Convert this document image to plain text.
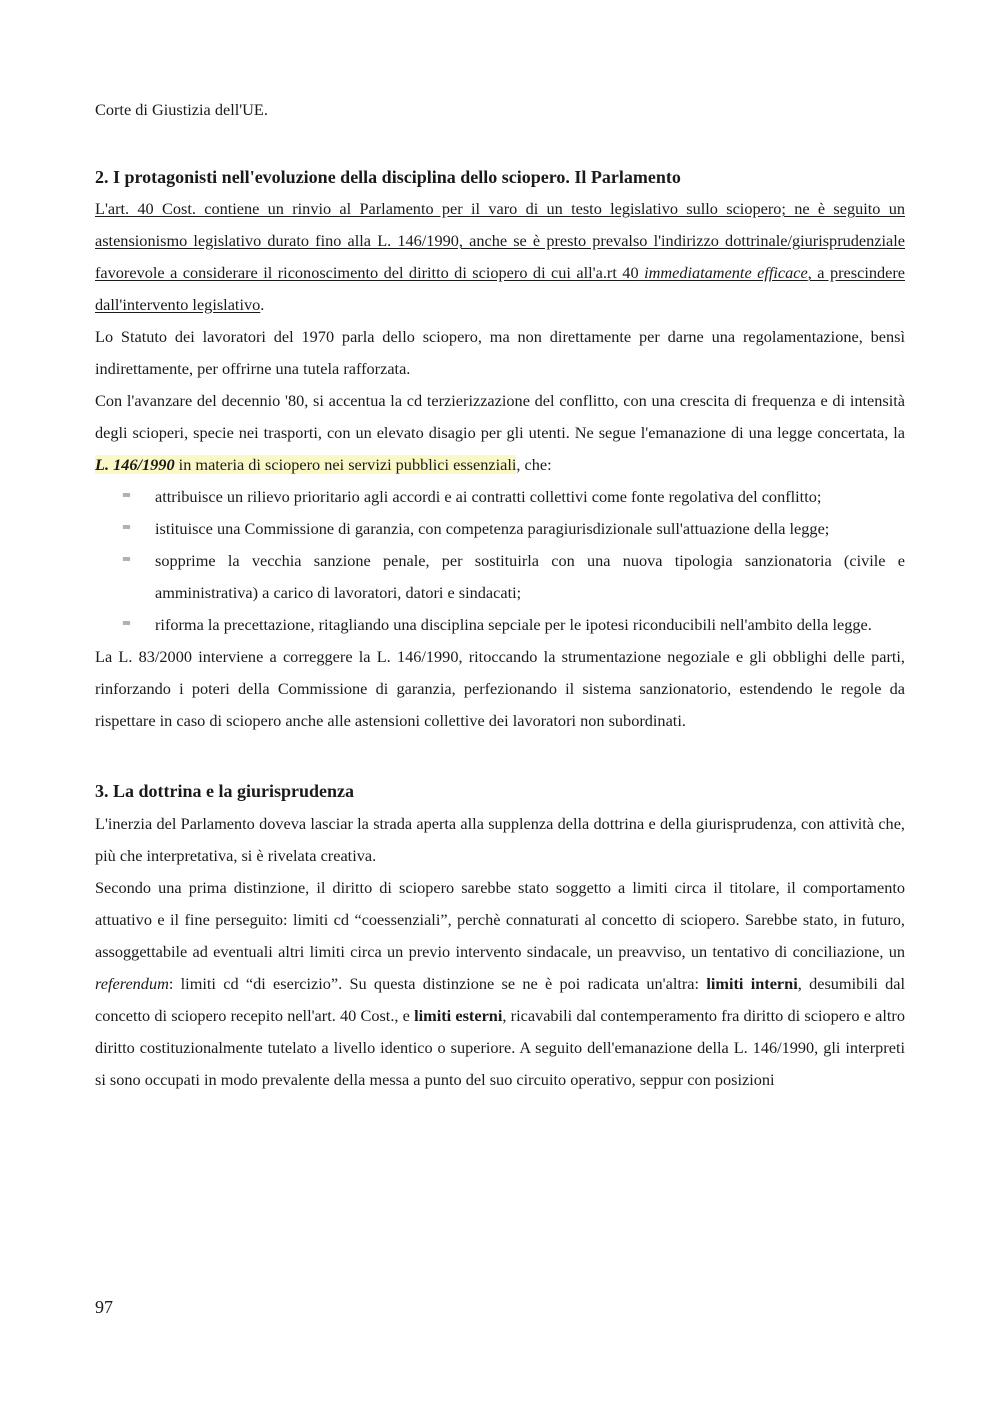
Corte di Giustizia dell'UE.

2. I protagonisti nell'evoluzione della disciplina dello sciopero. Il Parlamento

L'art. 40 Cost. contiene un rinvio al Parlamento per il varo di un testo legislativo sullo sciopero; ne è seguito un astensionismo legislativo durato fino alla L. 146/1990, anche se è presto prevalso l'indirizzo dottrinale/giurisprudenziale favorevole a considerare il riconoscimento del diritto di sciopero di cui all'a.rt 40 immediatamente efficace, a prescindere dall'intervento legislativo.

Lo Statuto dei lavoratori del 1970 parla dello sciopero, ma non direttamente per darne una regolamentazione, bensì indirettamente, per offrirne una tutela rafforzata.

Con l'avanzare del decennio '80, si accentua la cd terzierizzazione del conflitto, con una crescita di frequenza e di intensità degli scioperi, specie nei trasporti, con un elevato disagio per gli utenti. Ne segue l'emanazione di una legge concertata, la L. 146/1990 in materia di sciopero nei servizi pubblici essenziali, che:

‗ attribuisce un rilievo prioritario agli accordi e ai contratti collettivi come fonte regolativa del conflitto;

‗ istituisce una Commissione di garanzia, con competenza paragiurisdizionale sull'attuazione della legge;

‗ sopprime la vecchia sanzione penale, per sostituirla con una nuova tipologia sanzionatoria (civile e amministrativa) a carico di lavoratori, datori e sindacati;

‗ riforma la precettazione, ritagliando una disciplina sepciale per le ipotesi riconducibili nell'ambito della legge.

La L. 83/2000 interviene a correggere la L. 146/1990, ritoccando la strumentazione negoziale e gli obblighi delle parti, rinforzando i poteri della Commissione di garanzia, perfezionando il sistema sanzionatorio, estendendo le regole da rispettare in caso di sciopero anche alle astensioni collettive dei lavoratori non subordinati.

3. La dottrina e la giurisprudenza

L'inerzia del Parlamento doveva lasciar la strada aperta alla supplenza della dottrina e della giurisprudenza, con attività che, più che interpretativa, si è rivelata creativa.

Secondo una prima distinzione, il diritto di sciopero sarebbe stato soggetto a limiti circa il titolare, il comportamento attuativo e il fine perseguito: limiti cd “coessenziali”, perchè connaturati al concetto di sciopero. Sarebbe stato, in futuro, assoggettabile ad eventuali altri limiti circa un previo intervento sindacale, un preavviso, un tentativo di conciliazione, un referendum: limiti cd “di esercizio”. Su questa distinzione se ne è poi radicata un'altra: limiti interni, desumibili dal concetto di sciopero recepito nell'art. 40 Cost., e limiti esterni, ricavabili dal contemperamento fra diritto di sciopero e altro diritto costituzionalmente tutelato a livello identico o superiore. A seguito dell'emanazione della L. 146/1990, gli interpreti si sono occupati in modo prevalente della messa a punto del suo circuito operativo, seppur con posizioni

97
